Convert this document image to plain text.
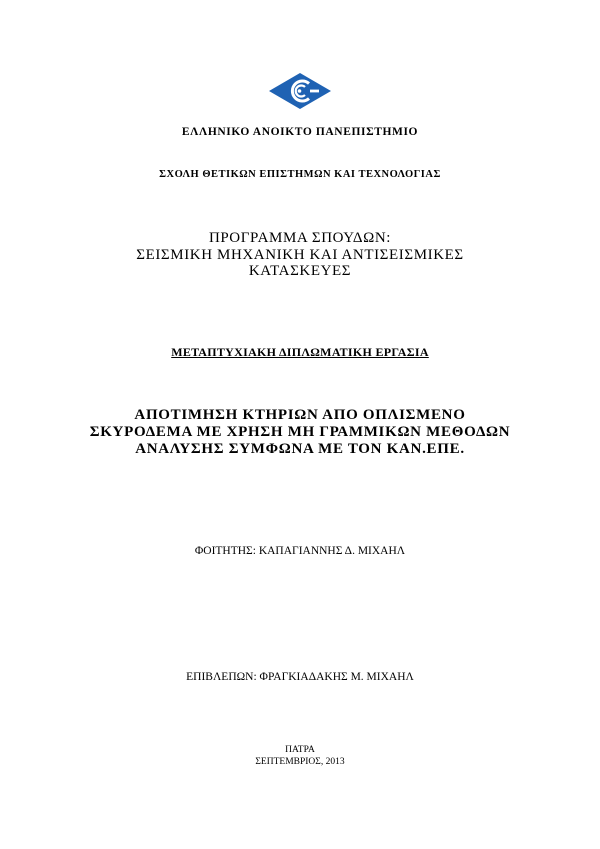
ΕΛΛΗΝΙΚΟ ΑΝΟΙΚΤΟ ΠΑΝΕΠΙΣΤΗΜΙΟ

ΣΧΟΛΗ ΘΕΤΙΚΩΝ ΕΠΙΣΤΗΜΩΝ ΚΑΙ ΤΕΧΝΟΛΟΓΙΑΣ

ΠΡΟΓΡΑΜΜΑ ΣΠΟΥΔΩΝ:
ΣΕΙΣΜΙΚΗ ΜΗΧΑΝΙΚΗ ΚΑΙ ΑΝΤΙΣΕΙΣΜΙΚΕΣ
ΚΑΤΑΣΚΕΥΕΣ

ΜΕΤΑΠΤΥΧΙΑΚΗ ΔΙΠΛΩΜΑΤΙΚΗ ΕΡΓΑΣΙΑ

ΑΠΟΤΙΜΗΣΗ ΚΤΗΡΙΩΝ ΑΠΟ ΟΠΛΙΣΜΕΝΟ
ΣΚΥΡΟΔΕΜΑ ΜΕ ΧΡΗΣΗ ΜΗ ΓΡΑΜΜΙΚΩΝ ΜΕΘΟΔΩΝ
ΑΝΑΛΥΣΗΣ ΣΥΜΦΩΝΑ ΜΕ ΤΟΝ ΚΑΝ.ΕΠΕ.

ΦΟΙΤΗΤΗΣ: ΚΑΠΑΓΙΑΝΝΗΣ Δ. ΜΙΧΑΗΛ

ΕΠΙΒΛΕΠΩΝ: ΦΡΑΓΚΙΑΔΑΚΗΣ Μ. ΜΙΧΑΗΛ

ΠΑΤΡΑ
ΣΕΠΤΕΜΒΡΙΟΣ, 2013
